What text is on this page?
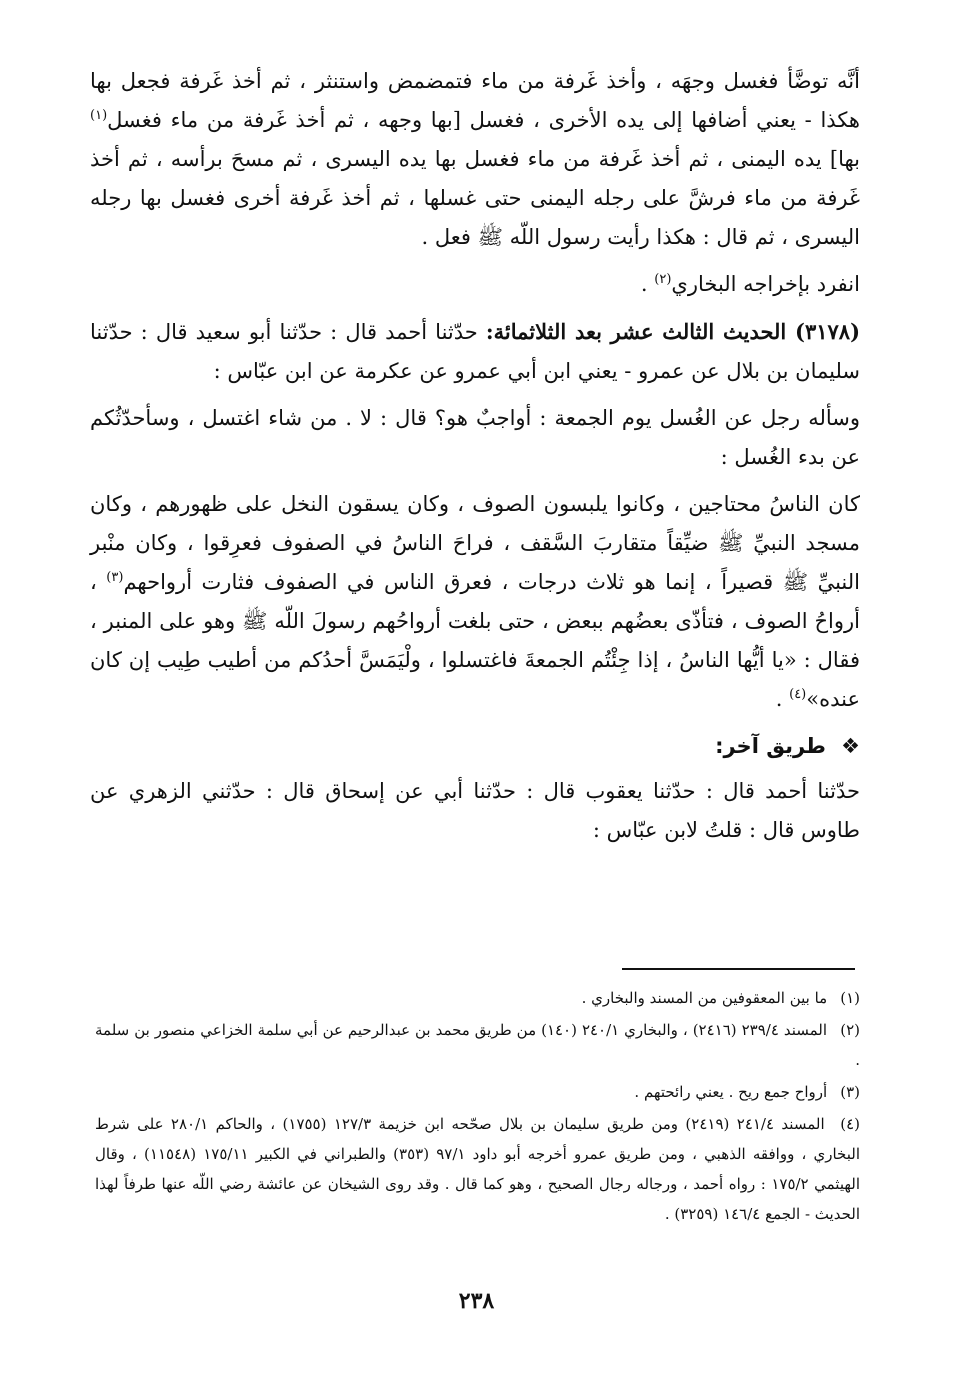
أنَّه توضَّأ فغسل وجهَه ، وأخذ غَرفة من ماء فتمضمض واستنثر ، ثم أخذ غَرفة فجعل بها هكذا - يعني أضافها إلى يده الأخرى ، فغسل [بها وجهه ، ثم أخذ غَرفة من ماء فغسل$^{(١)}$ بها] يده اليمنى ، ثم أخذ غَرفة من ماء فغسل بها يده اليسرى ، ثم مسحَ برأسه ، ثم أخذ غَرفة من ماء فرشَّ على رجله اليمنى حتى غسلها ، ثم أخذ غَرفة أخرى فغسل بها رجله اليسرى ، ثم قال : هكذا رأيت رسول اللّه ﷺ فعل .

انفرد بإخراجه البخاري$^{(٢)}$ .

(٣١٧٨) الحديث الثالث عشر بعد الثلاثمائة: حدّثنا أحمد قال : حدّثنا أبو سعيد قال : حدّثنا سليمان بن بلال عن عمرو - يعني ابن أبي عمرو عن عكرمة عن ابن عبّاس :

وسأله رجل عن الغُسل يوم الجمعة : أواجبٌ هو؟ قال : لا . من شاء اغتسل ، وسأحدّثُكم عن بدء الغُسل :

كان الناسُ محتاجين ، وكانوا يلبسون الصوف ، وكان يسقون النخل على ظهورهم ، وكان مسجد النبيِّ ﷺ ضيِّقاً متقاربَ السَّقف ، فراحَ الناسُ في الصفوف فعرِقوا ، وكان منْبر النبيِّ ﷺ قصيراً ، إنما هو ثلاث درجات ، فعرق الناس في الصفوف فثارت أرواحهم$^{(٣)}$ ، أرواحُ الصوف ، فتأذّى بعضُهم ببعض ، حتى بلغت أرواحُهم رسولَ اللّه ﷺ وهو على المنبر ، فقال : «يا أيُّها الناسُ ، إذا جِئْتُم الجمعةَ فاغتسلوا ، ولْيَمَسَّ أحدُكم من أطيب طِيب إن كان عنده»$^{(٤)}$ .

❖ طريق آخر:

حدّثنا أحمد قال : حدّثنا يعقوب قال : حدّثنا أبي عن إسحاق قال : حدّثني الزهري عن طاوس قال : قلتُ لابن عبّاس :

(١) ما بين المعقوفين من المسند والبخاري .

(٢) المسند ٢٣٩/٤ (٢٤١٦) ، والبخاري ٢٤٠/١ (١٤٠) من طريق محمد بن عبدالرحيم عن أبي سلمة الخزاعي منصور بن سلمة .

(٣) أرواح جمع ريح . يعني رائحتهم .

(٤) المسند ٢٤١/٤ (٢٤١٩) ومن طريق سليمان بن بلال صحّحه ابن خزيمة ١٢٧/٣ (١٧٥٥) ، والحاكم ٢٨٠/١ على شرط البخاري ، ووافقه الذهبي ، ومن طريق عمرو أخرجه أبو داود ٩٧/١ (٣٥٣) والطبراني في الكبير ١٧٥/١١ (١١٥٤٨) ، وقال الهيثمي ١٧٥/٢ : رواه أحمد ، ورجاله رجال الصحيح ، وهو كما قال . وقد روى الشيخان عن عائشة رضي اللّه عنها طرفاً لهذا الحديث - الجمع ١٤٦/٤ (٣٢٥٩) .

٢٣٨
